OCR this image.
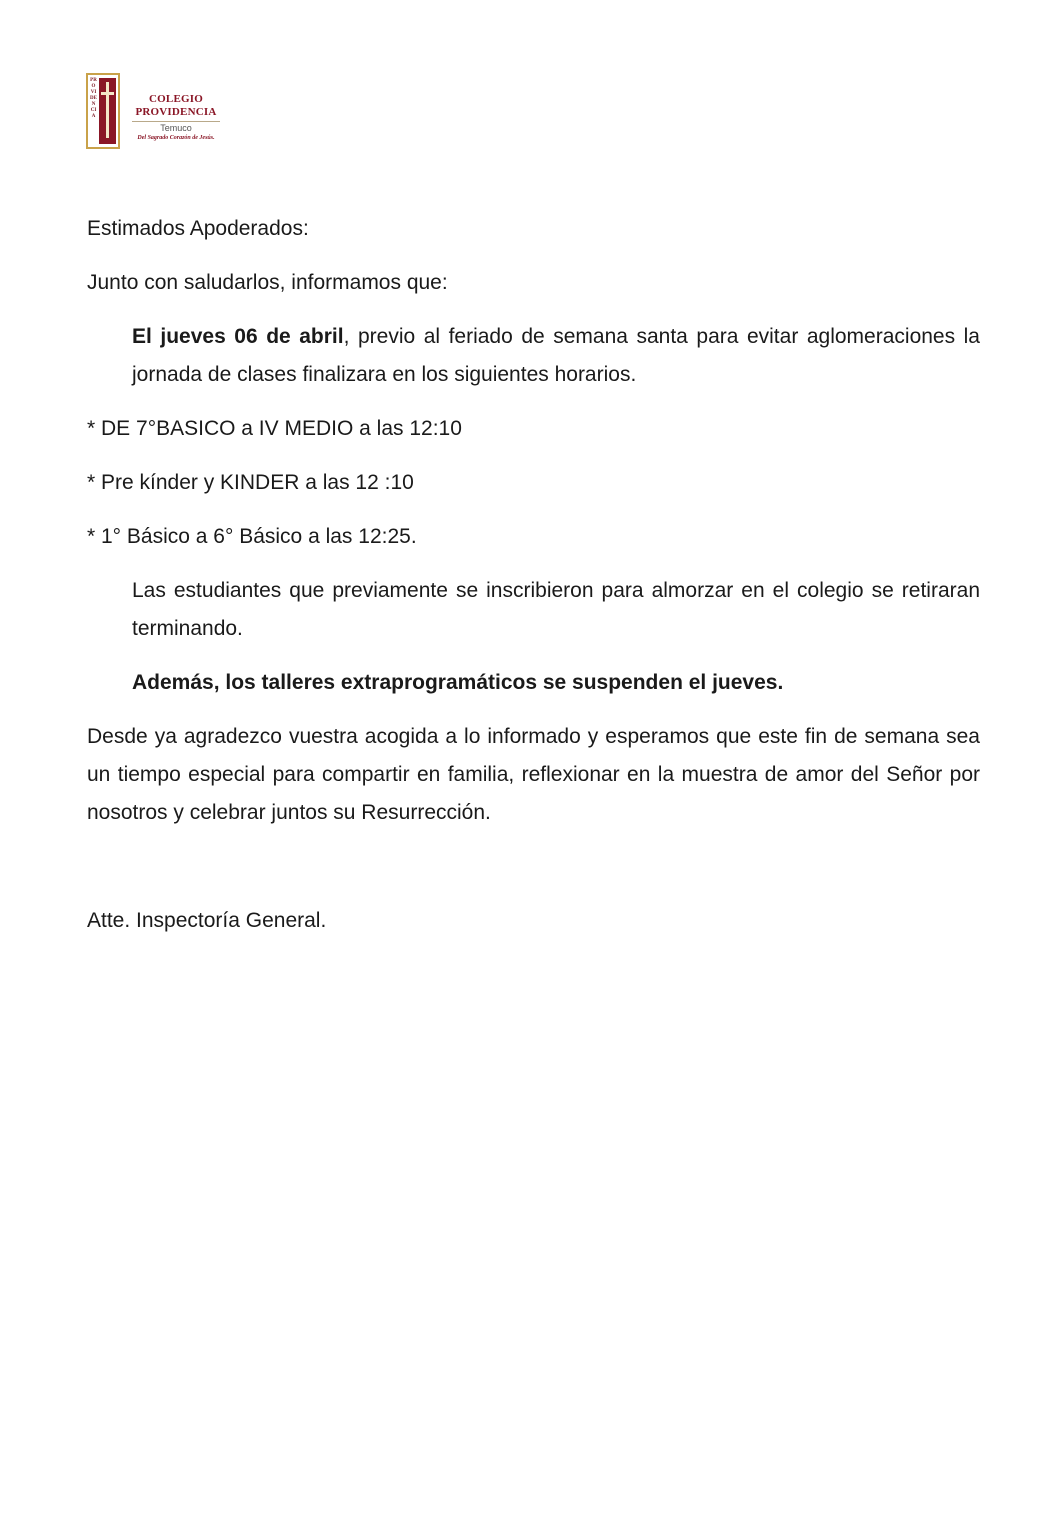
PROVIDENCIA
COLEGIO
PROVIDENCIA
Temuco
Del Sagrado Corazón de Jesús.

Estimados Apoderados:

Junto con saludarlos, informamos que:

El jueves 06 de abril, previo al feriado de semana santa para evitar aglomeraciones la jornada de clases finalizara en los siguientes horarios.

* DE 7°BASICO a IV MEDIO a las 12:10

* Pre kínder y KINDER a las 12 :10

* 1° Básico a 6° Básico a las 12:25.

Las estudiantes que previamente se inscribieron para almorzar en el colegio se retiraran terminando.

Además, los talleres extraprogramáticos se suspenden el jueves.

Desde ya agradezco vuestra acogida a lo informado y esperamos que este fin de semana sea un tiempo especial para compartir en familia, reflexionar en la muestra de amor del Señor por nosotros y celebrar juntos su Resurrección.

Atte. Inspectoría General.
